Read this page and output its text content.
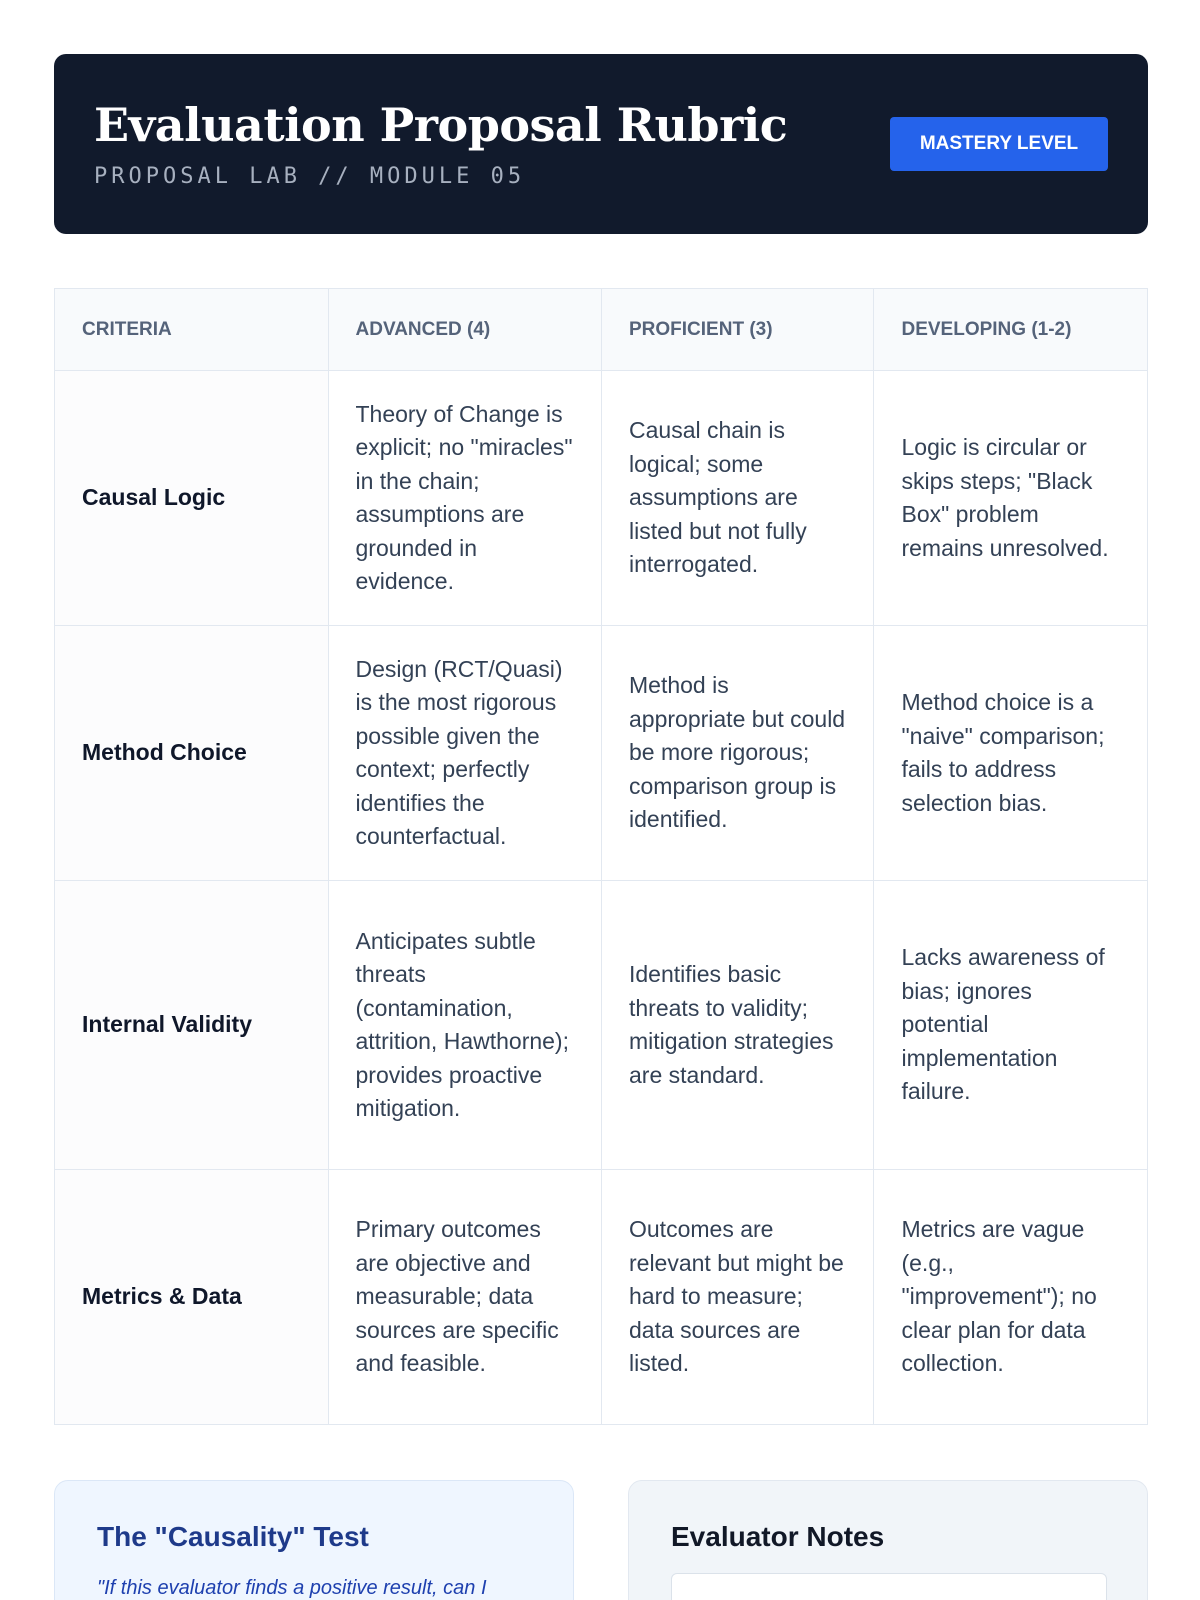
Evaluation Proposal Rubric
PROPOSAL LAB // MODULE 05
MASTERY LEVEL
CRITERIA	ADVANCED (4)	PROFICIENT (3)	DEVELOPING (1-2)
Causal Logic	Theory of Change is explicit; no "miracles" in the chain; assumptions are grounded in evidence.	Causal chain is logical; some assumptions are listed but not fully interrogated.	Logic is circular or skips steps; "Black Box" problem remains unresolved.
Method Choice	Design (RCT/Quasi) is the most rigorous possible given the context; perfectly identifies the counterfactual.	Method is appropriate but could be more rigorous; comparison group is identified.	Method choice is a "naive" comparison; fails to address selection bias.
Internal Validity	Anticipates subtle threats (contamination, attrition, Hawthorne); provides proactive mitigation.	Identifies basic threats to validity; mitigation strategies are standard.	Lacks awareness of bias; ignores potential implementation failure.
Metrics & Data	Primary outcomes are objective and measurable; data sources are specific and feasible.	Outcomes are relevant but might be hard to measure; data sources are listed.	Metrics are vague (e.g., "improvement"); no clear plan for data collection.
The "Causality" Test
"If this evaluator finds a positive result, can I
Evaluator Notes
